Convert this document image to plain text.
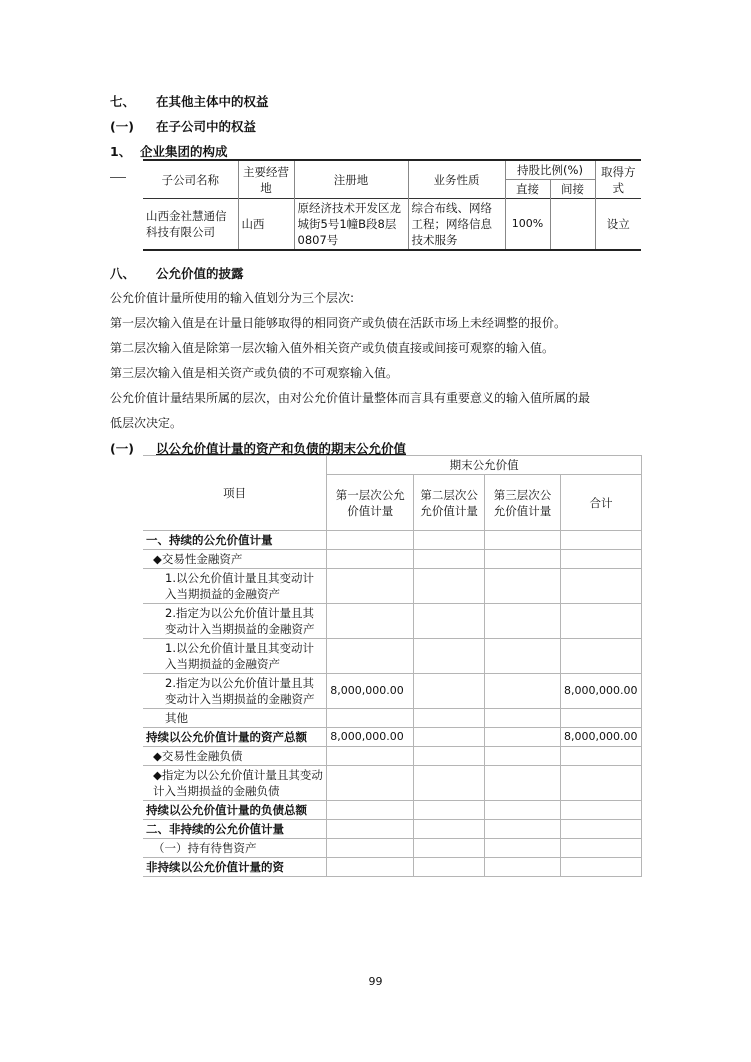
七、 在其他主体中的权益
(一) 在子公司中的权益
1、 企业集团的构成
子公司名称	主要经营地	注册地	业务性质	持股比例(%)		取得方式
				直接	间接	
山西金社慧通信科技有限公司	山西	原经济技术开发区龙城街5号1幢B段8层0807号	综合布线、网络工程；网络信息技术服务	100%		设立
八、 公允价值的披露
公允价值计量所使用的输入值划分为三个层次:
第一层次输入值是在计量日能够取得的相同资产或负债在活跃市场上未经调整的报价。
第二层次输入值是除第一层次输入值外相关资产或负债直接或间接可观察的输入值。
第三层次输入值是相关资产或负债的不可观察输入值。
公允价值计量结果所属的层次，由对公允价值计量整体而言具有重要意义的输入值所属的最
低层次决定。
(一) 以公允价值计量的资产和负债的期末公允价值
项目	期末公允价值			
	第一层次公允价值计量	第二层次公允价值计量	第三层次公允价值计量	合计
一、持续的公允价值计量				
◆交易性金融资产				
1.以公允价值计量且其变动计入当期损益的金融资产				
2.指定为以公允价值计量且其变动计入当期损益的金融资产				
1.以公允价值计量且其变动计入当期损益的金融资产				
2.指定为以公允价值计量且其变动计入当期损益的金融资产	8,000,000.00			8,000,000.00
其他				
持续以公允价值计量的资产总额	8,000,000.00			8,000,000.00
◆交易性金融负债				
◆指定为以公允价值计量且其变动计入当期损益的金融负债				
持续以公允价值计量的负债总额				
二、非持续的公允价值计量				
（一）持有待售资产				
非持续以公允价值计量的资				
99
